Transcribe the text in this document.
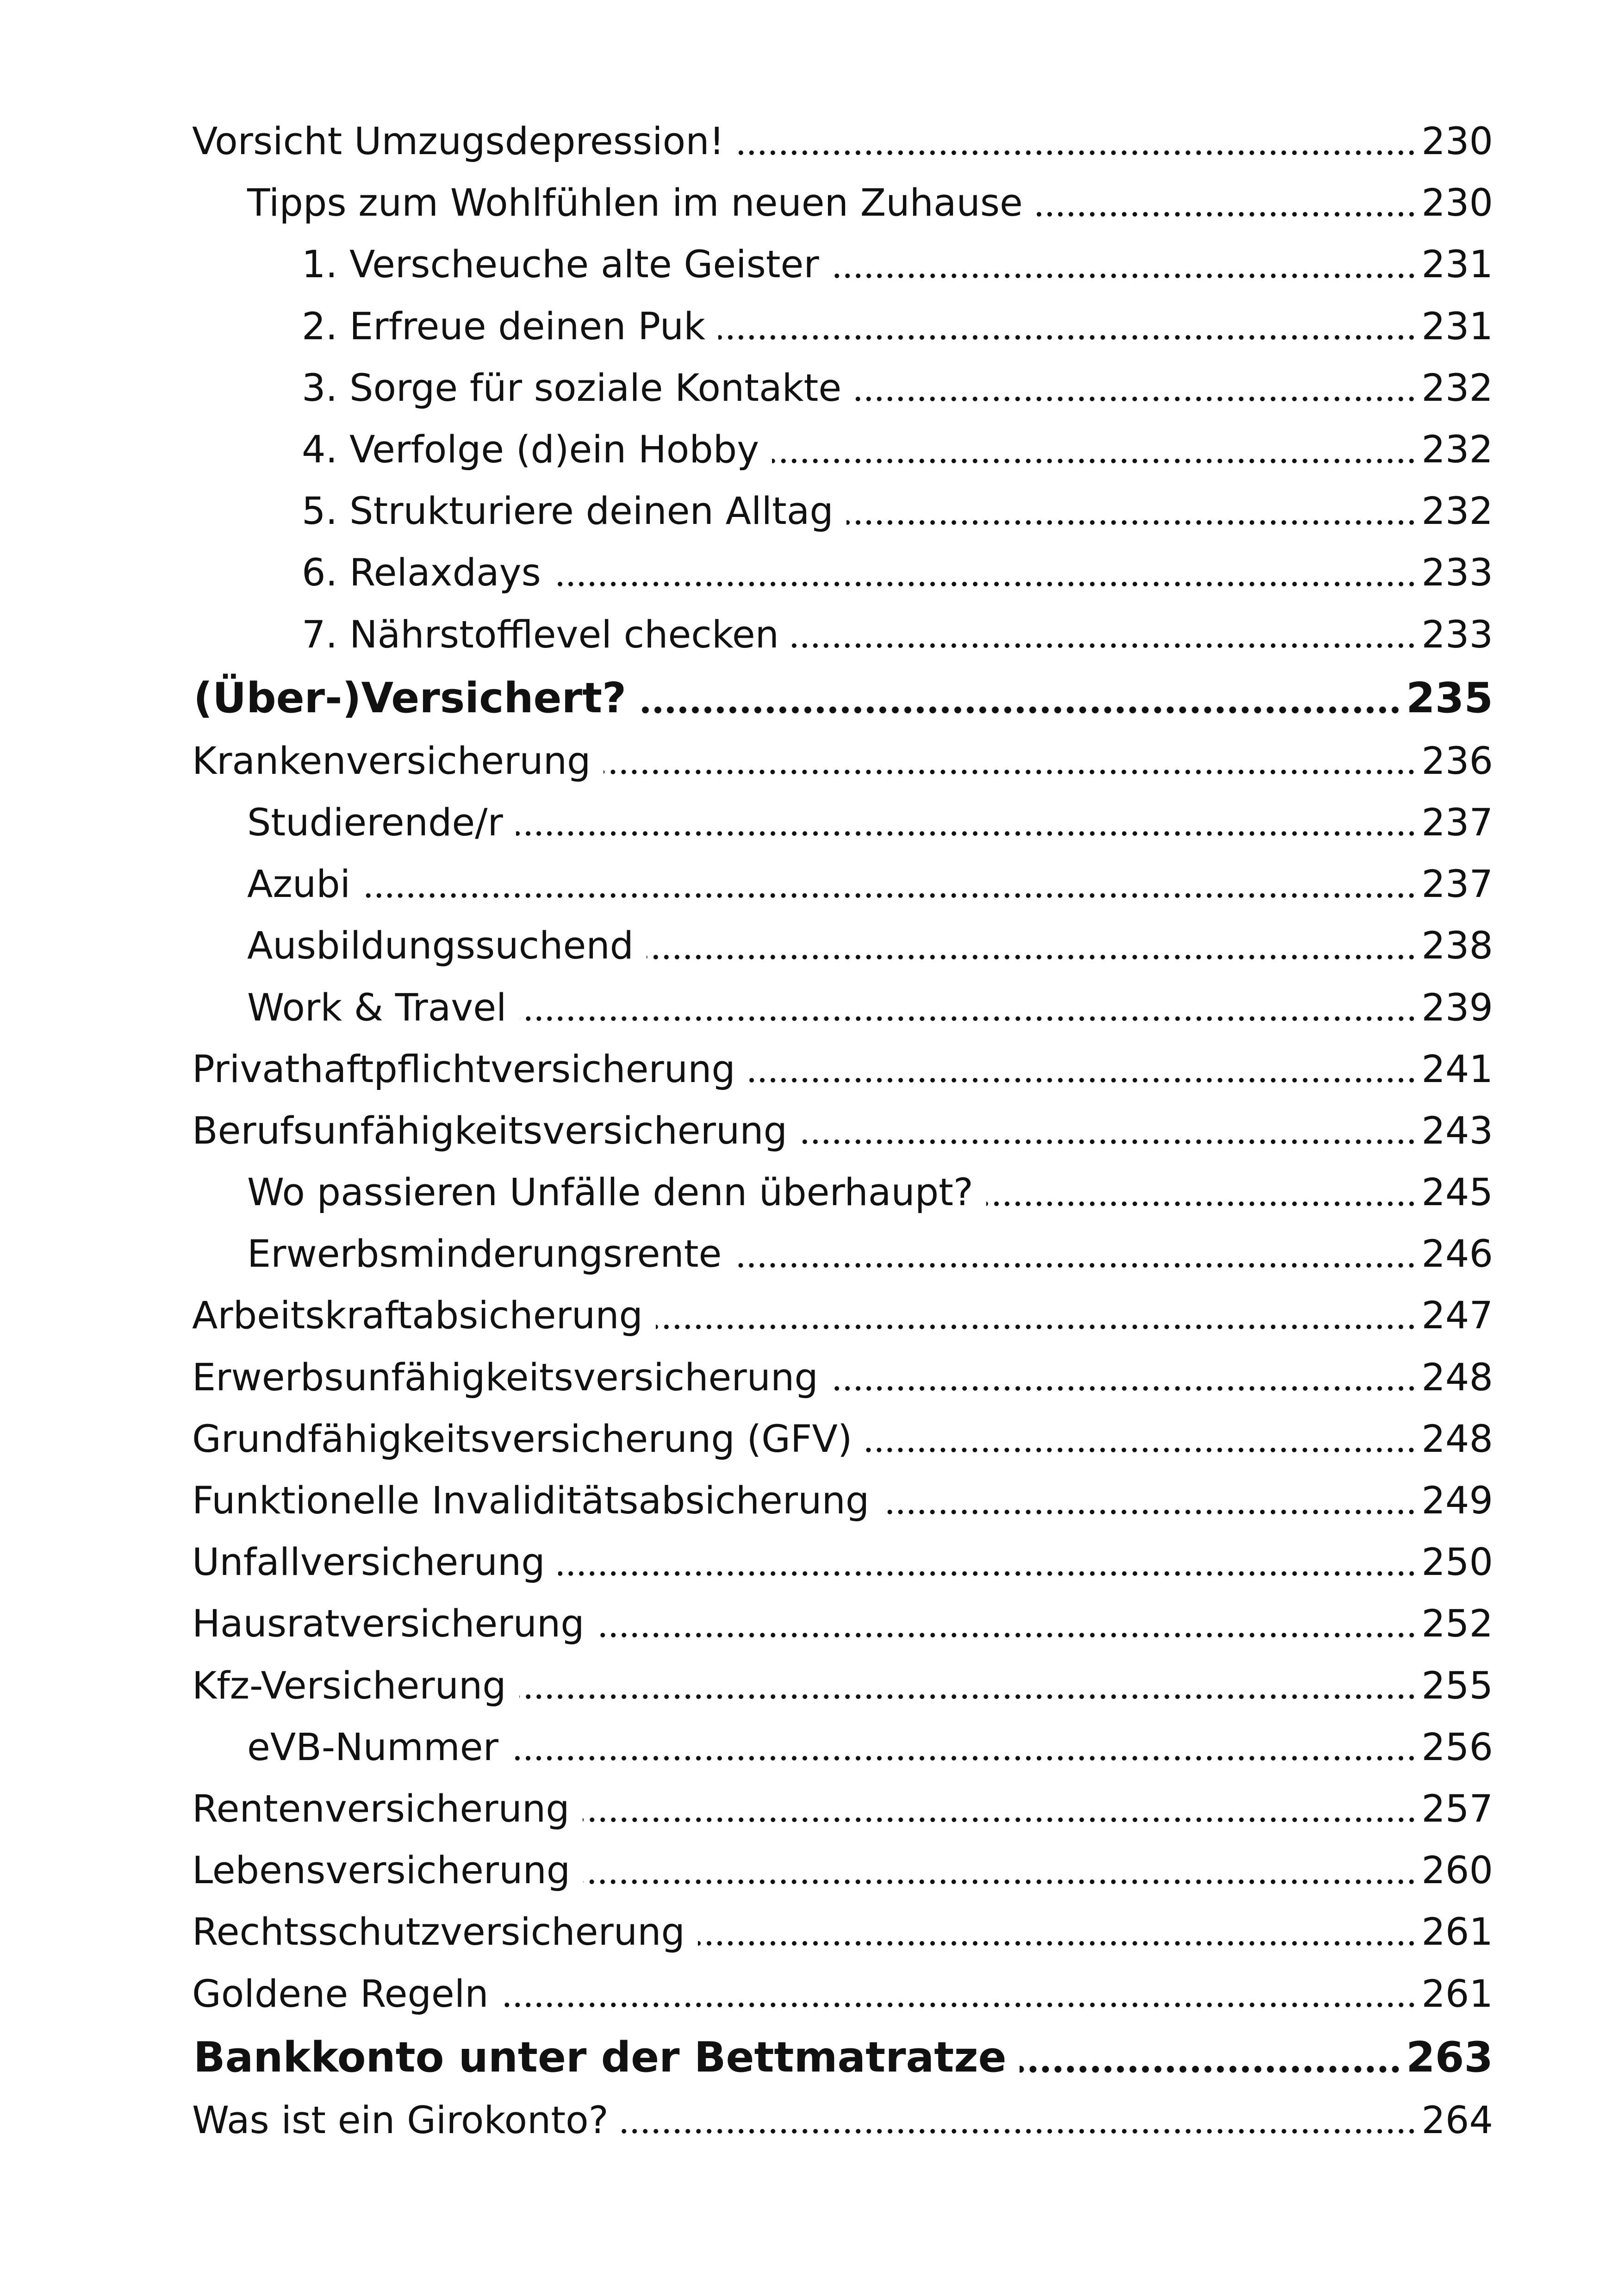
Vorsicht Umzugsdepression!	230
Tipps zum Wohlfühlen im neuen Zuhause	230
1. Verscheuche alte Geister	231
2. Erfreue deinen Puk	231
3. Sorge für soziale Kontakte	232
4. Verfolge (d)ein Hobby	232
5. Strukturiere deinen Alltag	232
6. Relaxdays	233
7. Nährstofflevel checken	233
(Über-)Versichert?	235
Krankenversicherung	236
Studierende/r	237
Azubi	237
Ausbildungssuchend	238
Work & Travel	239
Privathaftpflichtversicherung	241
Berufsunfähigkeitsversicherung	243
Wo passieren Unfälle denn überhaupt?	245
Erwerbsminderungsrente	246
Arbeitskraftabsicherung	247
Erwerbsunfähigkeitsversicherung	248
Grundfähigkeitsversicherung (GFV)	248
Funktionelle Invaliditätsabsicherung	249
Unfallversicherung	250
Hausratversicherung	252
Kfz-Versicherung	255
eVB-Nummer	256
Rentenversicherung	257
Lebensversicherung	260
Rechtsschutzversicherung	261
Goldene Regeln	261
Bankkonto unter der Bettmatratze	263
Was ist ein Girokonto?	264
